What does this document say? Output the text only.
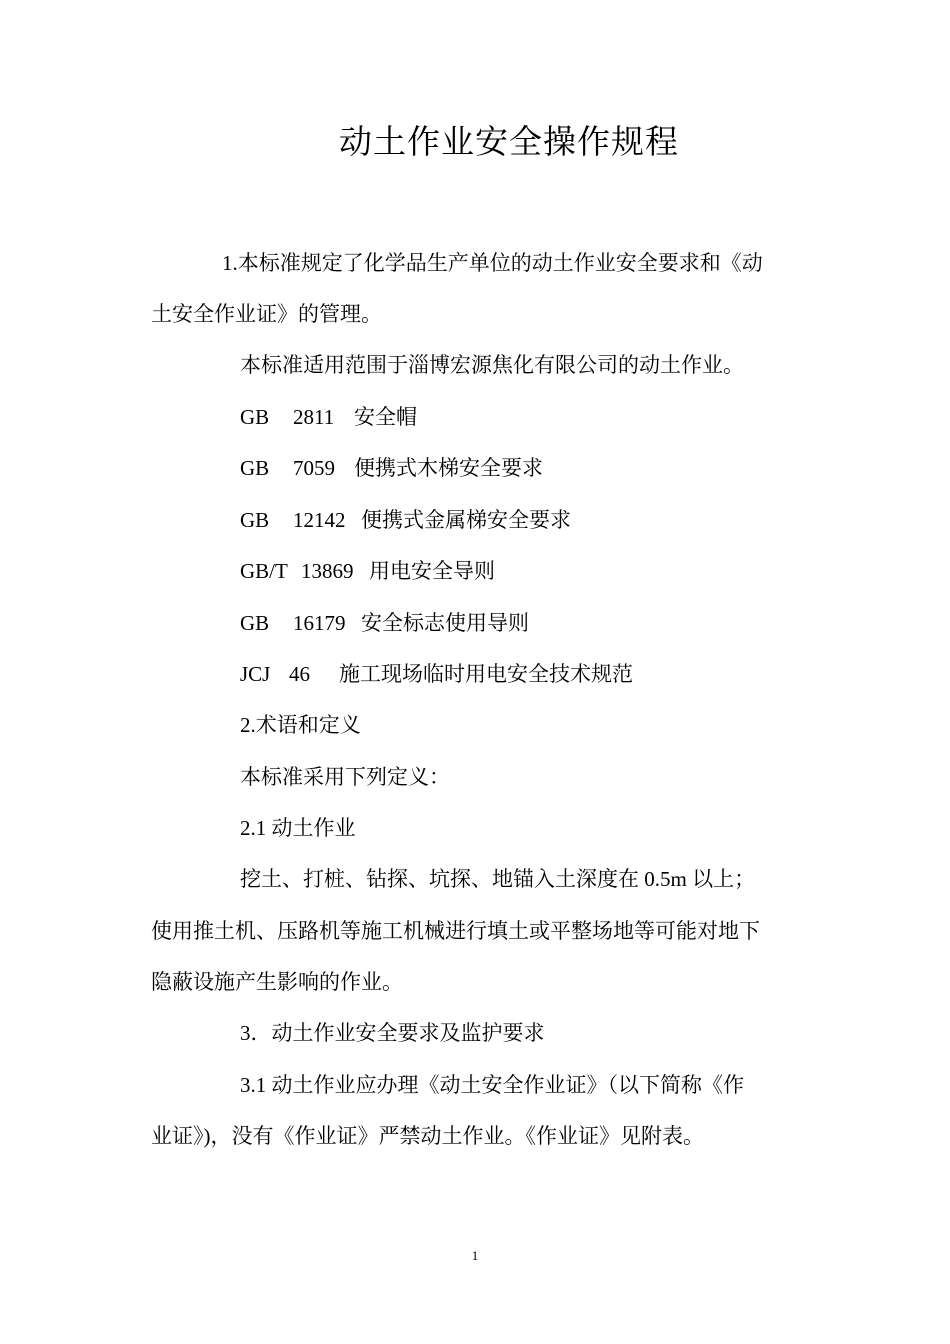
动土作业安全操作规程

1.本标准规定了化学品生产单位的动土作业安全要求和《动

土安全作业证》的管理。

本标准适用范围于淄博宏源焦化有限公司的动土作业。

GB 2811 安全帽
GB 7059 便携式木梯安全要求
GB 12142 便携式金属梯安全要求
GB/T 13869 用电安全导则
GB 16179 安全标志使用导则
JCJ 46 施工现场临时用电安全技术规范

2.术语和定义

本标准采用下列定义：

2.1 动土作业

挖土、打桩、钻探、坑探、地锚入土深度在 0.5m 以上；

使用推土机、压路机等施工机械进行填土或平整场地等可能对地下

隐蔽设施产生影响的作业。

3．动土作业安全要求及监护要求

3.1 动土作业应办理《动土安全作业证》（以下简称《作

业证》)，没有《作业证》严禁动土作业。《作业证》见附表。

1
